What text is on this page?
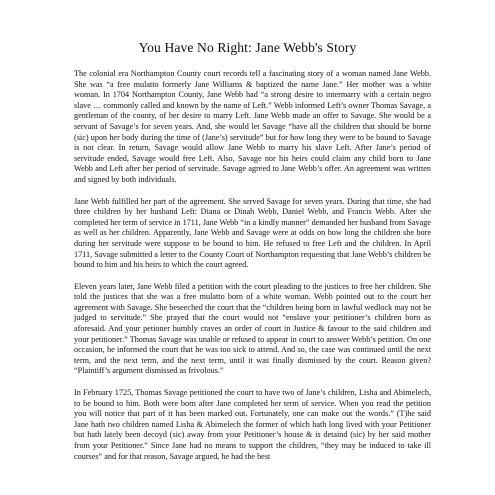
You Have No Right: Jane Webb's Story

The colonial era Northampton County court records tell a fascinating story of a woman named Jane Webb. She was “a free mulatto formerly Jane Williams & baptized the name Jane.” Her mother was a white woman. In 1704 Northampton County, Jane Webb had “a strong desire to intermarry with a certain negro slave … commonly called and known by the name of Left.” Webb informed Left’s owner Thomas Savage, a gentleman of the county, of her desire to marry Left. Jane Webb made an offer to Savage. She would be a servant of Savage’s for seven years. And, she would let Savage “have all the children that should be borne (sic) upon her body during the time of (Jane’s) servitude” but for how long they were to be bound to Savage is not clear. In return, Savage would allow Jane Webb to marry his slave Left. After Jane’s period of servitude ended, Savage would free Left. Also, Savage nor his heirs could claim any child born to Jane Webb and Left after her period of servitude. Savage agreed to Jane Webb’s offer. An agreement was written and signed by both individuals.

Jane Webb fulfilled her part of the agreement. She served Savage for seven years. During that time, she had three children by her husband Left: Diana or Dinah Webb, Daniel Webb, and Francis Webb. After she completed her term of service in 1711, Jane Webb “in a kindly manner” demanded her husband from Savage as well as her children. Apparently, Jane Webb and Savage were at odds on how long the children she bore during her servitude were suppose to be bound to him. He refused to free Left and the children. In April 1711, Savage submitted a letter to the County Court of Northampton requesting that Jane Webb’s children be bound to him and his heirs to which the court agreed.

Eleven years later, Jane Webb filed a petition with the court pleading to the justices to free her children. She told the justices that she was a free mulatto born of a white woman. Webb pointed out to the court her agreement with Savage. She beseeched the court that the “children being born in lawful wedlock may not be judged to servitude.” She prayed that the court would not “enslave your petitioner’s children born as aforesaid. And your petioner humbly craves an order of court in Justice & favour to the said children and your petitioner.” Thomas Savage was unable or refused to appear in court to answer Webb’s petition. On one occasion, he informed the court that he was too sick to attend. And so, the case was continued until the next term, and the next term, and the next term, until it was finally dismissed by the court. Reason given? “Plaintiff’s argument dismissed as frivolous.”

In February 1725, Thomas Savage petitioned the court to have two of Jane’s children, Lisha and Abimelech, to be bound to him. Both were born after Jane completed her term of service. When you read the petition you will notice that part of it has been marked out. Fortunately, one can make out the words.” (T)he said Jane hath two children named Lisha & Abimelech the former of which hath long lived with your Petitioner but hath lately been decoyd (sic) away from your Petitioner’s house & is detaind (sic) by her said mother from your Petitioner.” Since Jane had no means to support the children, “they may be induced to take ill courses” and for that reason, Savage argued, he had the best
